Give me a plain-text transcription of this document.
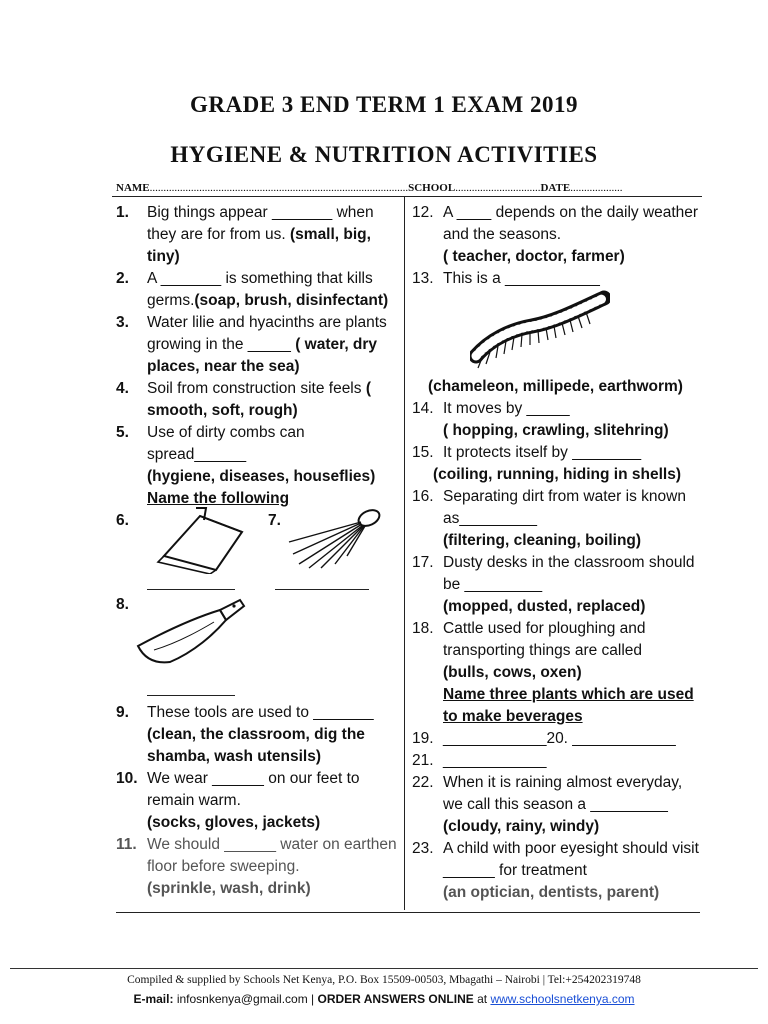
GRADE 3 END TERM 1 EXAM 2019
HYGIENE & NUTRITION ACTIVITIES
NAME..............................................................................................SCHOOL...............................DATE...................
1. Big things appear _______ when they are for from us. (small, big, tiny)
2. A _______ is something that kills germs.(soap, brush, disinfectant)
3. Water lilie and hyacinths are plants growing in the _____ ( water, dry places, near the sea)
4. Soil from construction site feels ( smooth, soft, rough)
5. Use of dirty combs can spread______
(hygiene, diseases, houseflies)
Name the following
6.	7.
8.
9. These tools are used to _______
(clean, the classroom, dig the shamba, wash utensils)
10. We wear ______ on our feet to remain warm.
(socks, gloves, jackets)
11. We should ______ water on earthen floor before sweeping.
(sprinkle, wash, drink)
12. A ____ depends on the daily weather and the seasons.
( teacher, doctor, farmer)
13. This is a ___________
(chameleon, millipede, earthworm)
14. It moves by _____
( hopping, crawling, slitehring)
15. It protects itself by ________
(coiling, running, hiding in shells)
16. Separating dirt from water is known as_________
(filtering, cleaning, boiling)
17. Dusty desks in the classroom should be _________
(mopped, dusted, replaced)
18. Cattle used for ploughing and transporting things are called
(bulls, cows, oxen)
Name three plants which are used to make beverages
19. ____________20. ____________
21. ____________
22. When it is raining almost everyday, we call this season a _________
(cloudy, rainy, windy)
23. A child with poor eyesight should visit ______ for treatment
(an optician, dentists, parent)
Compiled & supplied by Schools Net Kenya, P.O. Box 15509-00503, Mbagathi – Nairobi | Tel:+254202319748
E-mail: infosnkenya@gmail.com | ORDER ANSWERS ONLINE at www.schoolsnetkenya.com
